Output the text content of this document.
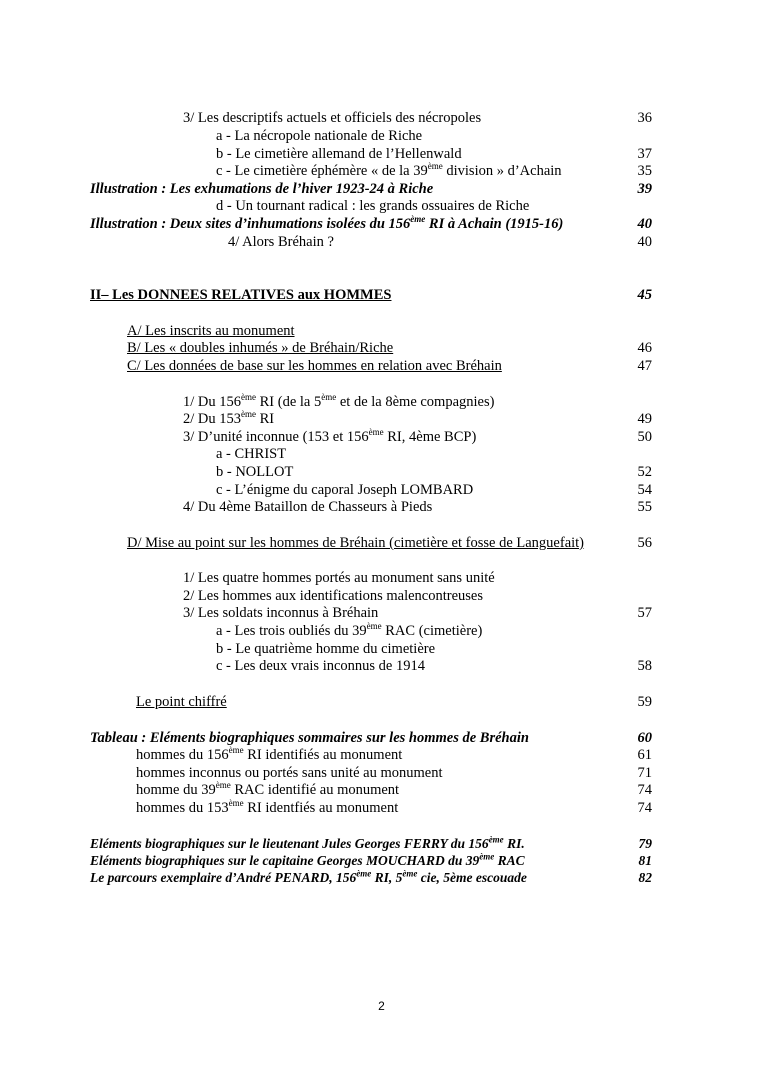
3/ Les descriptifs actuels et officiels des nécropoles	36
a - La nécropole nationale de Riche
b - Le cimetière allemand de l’Hellenwald	37
c - Le cimetière éphémère « de la 39ème division » d’Achain	35
Illustration : Les exhumations de l’hiver 1923-24 à Riche	39
d - Un tournant radical : les grands ossuaires de Riche
Illustration : Deux sites d’inhumations isolées du 156ème RI à Achain (1915-16)	40
4/ Alors Bréhain ?	40
II– Les DONNEES RELATIVES aux HOMMES	45
A/ Les inscrits au monument
B/ Les « doubles inhumés » de Bréhain/Riche	46
C/ Les données de base sur les hommes en relation avec Bréhain	47
1/ Du 156ème RI (de la 5ème et de la 8ème compagnies)
2/ Du 153ème RI	49
3/ D’unité inconnue (153 et 156ème RI, 4ème BCP)	50
a - CHRIST
b - NOLLOT	52
c - L’énigme du caporal Joseph LOMBARD	54
4/ Du 4ème Bataillon de Chasseurs à Pieds	55
D/ Mise au point sur les hommes de Bréhain (cimetière et fosse de Languefait)	56
1/ Les quatre hommes portés au monument sans unité
2/ Les hommes aux identifications malencontreuses
3/ Les soldats inconnus à Bréhain	57
a - Les trois oubliés du 39ème RAC (cimetière)
b - Le quatrième homme du cimetière
c - Les deux vrais inconnus de 1914	58
Le point chiffré	59
Tableau : Eléments biographiques sommaires sur les hommes de Bréhain	60
hommes du 156ème RI identifiés au monument	61
hommes inconnus ou portés sans unité au monument	71
homme du 39ème RAC identifié au monument	74
hommes du 153ème RI identfiés au monument	74
Eléments biographiques sur le lieutenant Jules Georges FERRY du 156ème RI.	79
Eléments biographiques sur le capitaine Georges MOUCHARD du 39ème RAC	81
Le parcours exemplaire d’André PENARD, 156ème RI, 5ème cie, 5ème escouade	82
2
